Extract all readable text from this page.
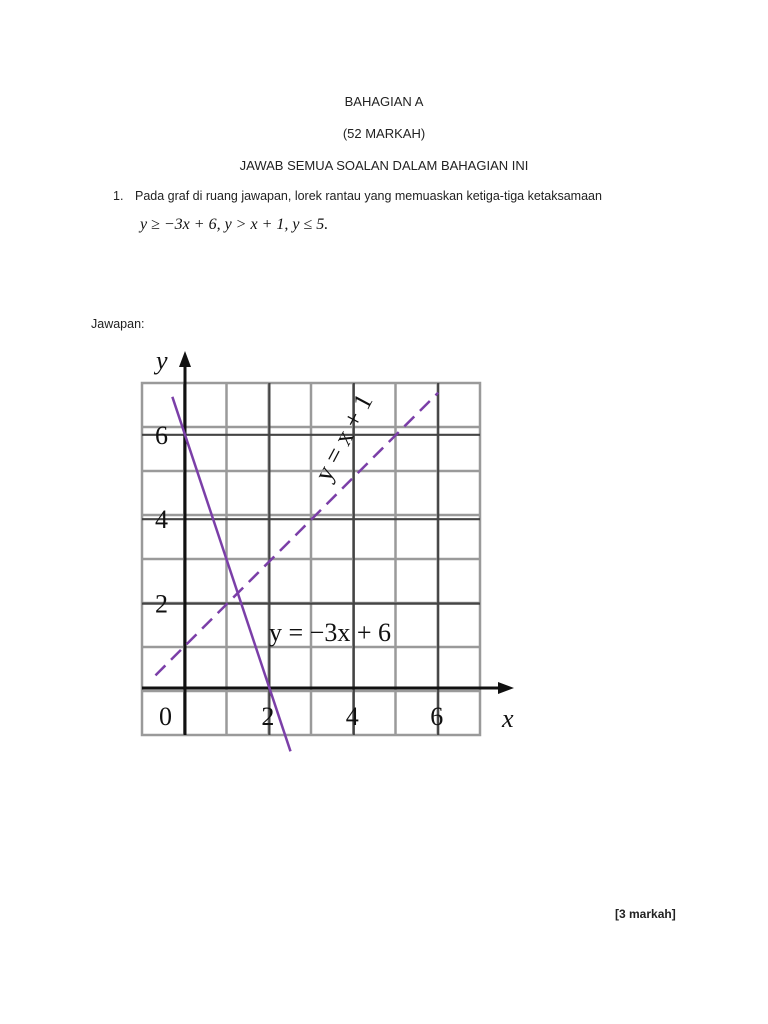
BAHAGIAN A
(52 MARKAH)
JAWAB SEMUA SOALAN DALAM BAHAGIAN INI
1. Pada graf di ruang jawapan, lorek rantau yang memuaskan ketiga-tiga ketaksamaan
y ≥ −3x + 6, y > x + 1, y ≤ 5.
Jawapan:
0	2	4	6
2
4
6
x
y
y = −3x + 6
y = x + 1
[3 markah]
